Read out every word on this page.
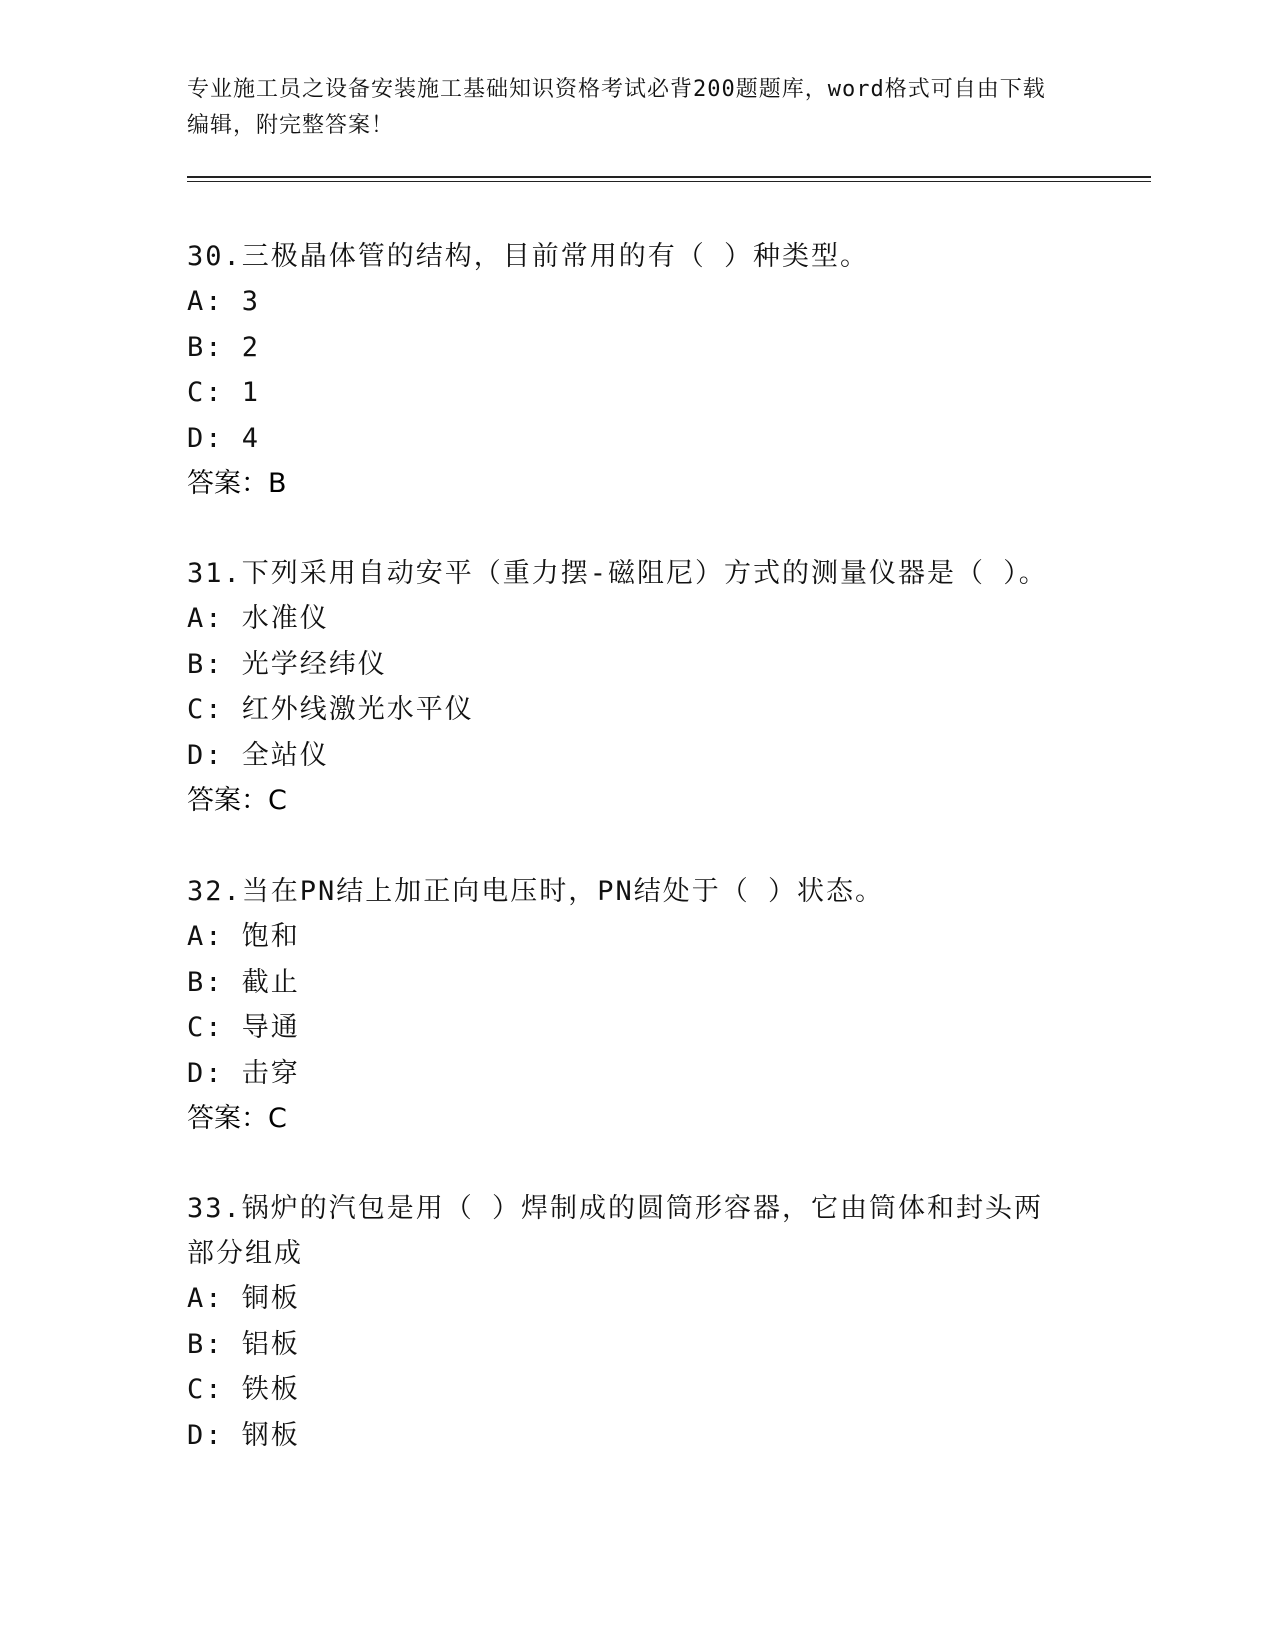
专业施工员之设备安装施工基础知识资格考试必背200题题库，word格式可自由下载编辑，附完整答案！

30.三极晶体管的结构，目前常用的有（ ）种类型。

A: 3

B: 2

C: 1

D: 4

答案：B

31.下列采用自动安平（重力摆-磁阻尼）方式的测量仪器是（ ）。

A: 水准仪

B: 光学经纬仪

C: 红外线激光水平仪

D: 全站仪

答案：C

32.当在PN结上加正向电压时，PN结处于（ ）状态。

A: 饱和

B: 截止

C: 导通

D: 击穿

答案：C

33.锅炉的汽包是用（ ）焊制成的圆筒形容器，它由筒体和封头两部分组成

A: 铜板

B: 铝板

C: 铁板

D: 钢板
